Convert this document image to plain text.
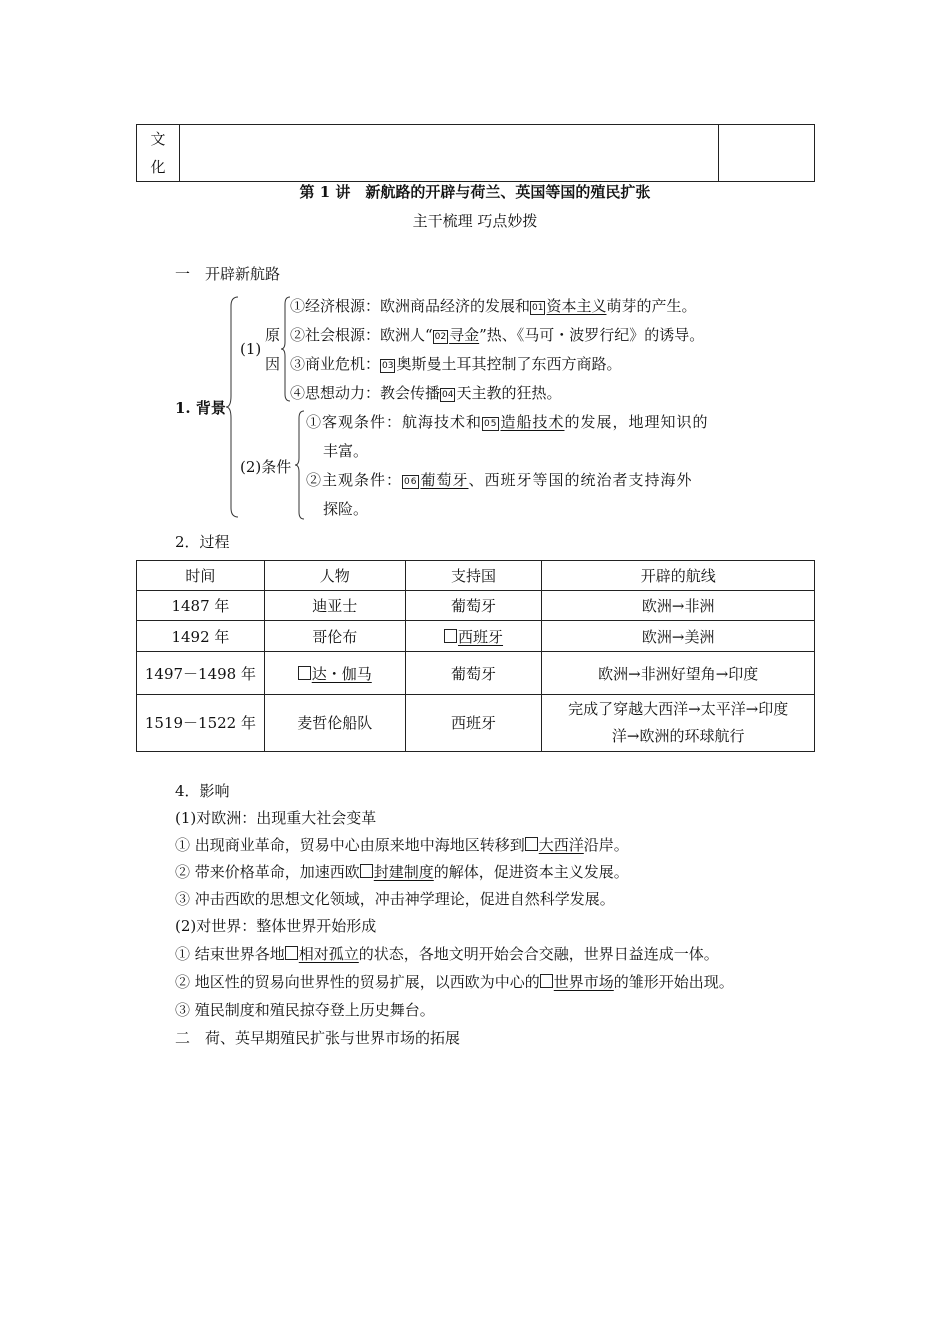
文
化
第 1 讲　新航路的开辟与荷兰、英国等国的殖民扩张
主干梳理 巧点妙拨
一　开辟新航路
1. 背景
(1)
原
因
①经济根源：欧洲商品经济的发展和 01 资本主义萌芽的产生。
②社会根源：欧洲人“ 02 寻金”热、《马可・波罗行纪》的诱导。
③商业危机： 03 奥斯曼土耳其控制了东西方商路。
④思想动力：教会传播 04 天主教的狂热。
(2)条件
①客观条件：航海技术和 05 造船技术的发展，地理知识的
丰富。
②主观条件： 06 葡萄牙、西班牙等国的统治者支持海外
探险。
2．过程
时间	人物	支持国	开辟的航线
1487 年	迪亚士	葡萄牙	欧洲→非洲
1492 年	哥伦布	西班牙	欧洲→美洲
1497－1498 年	达・伽马	葡萄牙	欧洲→非洲好望角→印度
1519－1522 年	麦哲伦船队	西班牙	完成了穿越大西洋→太平洋→印度
洋→欧洲的环球航行
4．影响
(1)对欧洲：出现重大社会变革
① 出现商业革命，贸易中心由原来地中海地区转移到 大西洋沿岸。
② 带来价格革命，加速西欧 封建制度的解体，促进资本主义发展。
③ 冲击西欧的思想文化领域，冲击神学理论，促进自然科学发展。
(2)对世界：整体世界开始形成
① 结束世界各地 相对孤立的状态，各地文明开始会合交融，世界日益连成一体。
② 地区性的贸易向世界性的贸易扩展，以西欧为中心的 世界市场的雏形开始出现。
③ 殖民制度和殖民掠夺登上历史舞台。
二　荷、英早期殖民扩张与世界市场的拓展
